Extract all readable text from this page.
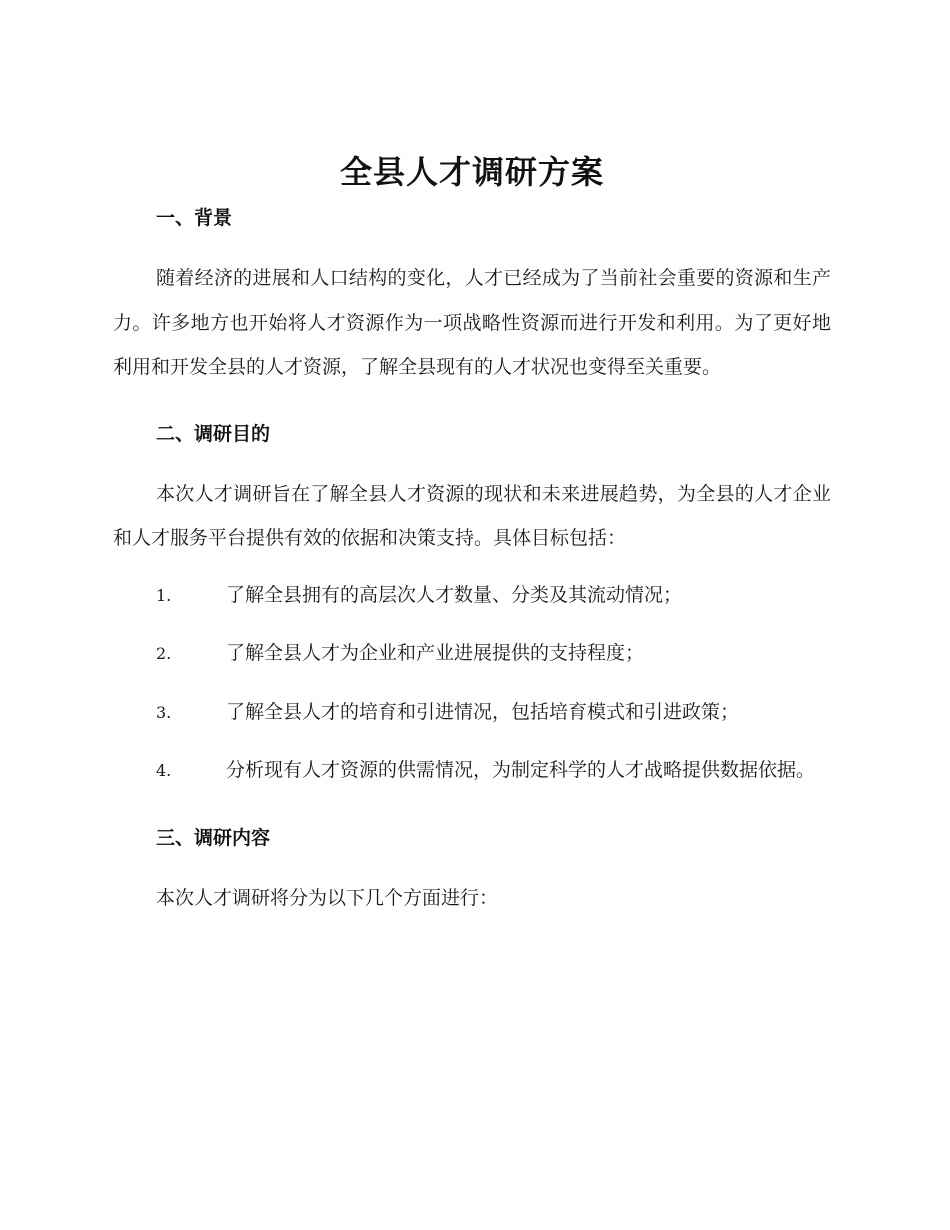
全县人才调研方案
一、背景

随着经济的进展和人口结构的变化，人才已经成为了当前社会重要的资源和生产力。许多地方也开始将人才资源作为一项战略性资源而进行开发和利用。为了更好地利用和开发全县的人才资源，了解全县现有的人才状况也变得至关重要。

二、调研目的

本次人才调研旨在了解全县人才资源的现状和未来进展趋势，为全县的人才企业和人才服务平台提供有效的依据和决策支持。具体目标包括：

1.	了解全县拥有的高层次人才数量、分类及其流动情况；
2.	了解全县人才为企业和产业进展提供的支持程度；
3.	了解全县人才的培育和引进情况，包括培育模式和引进政策；
4.	分析现有人才资源的供需情况，为制定科学的人才战略提供数据依据。
三、调研内容

本次人才调研将分为以下几个方面进行：
